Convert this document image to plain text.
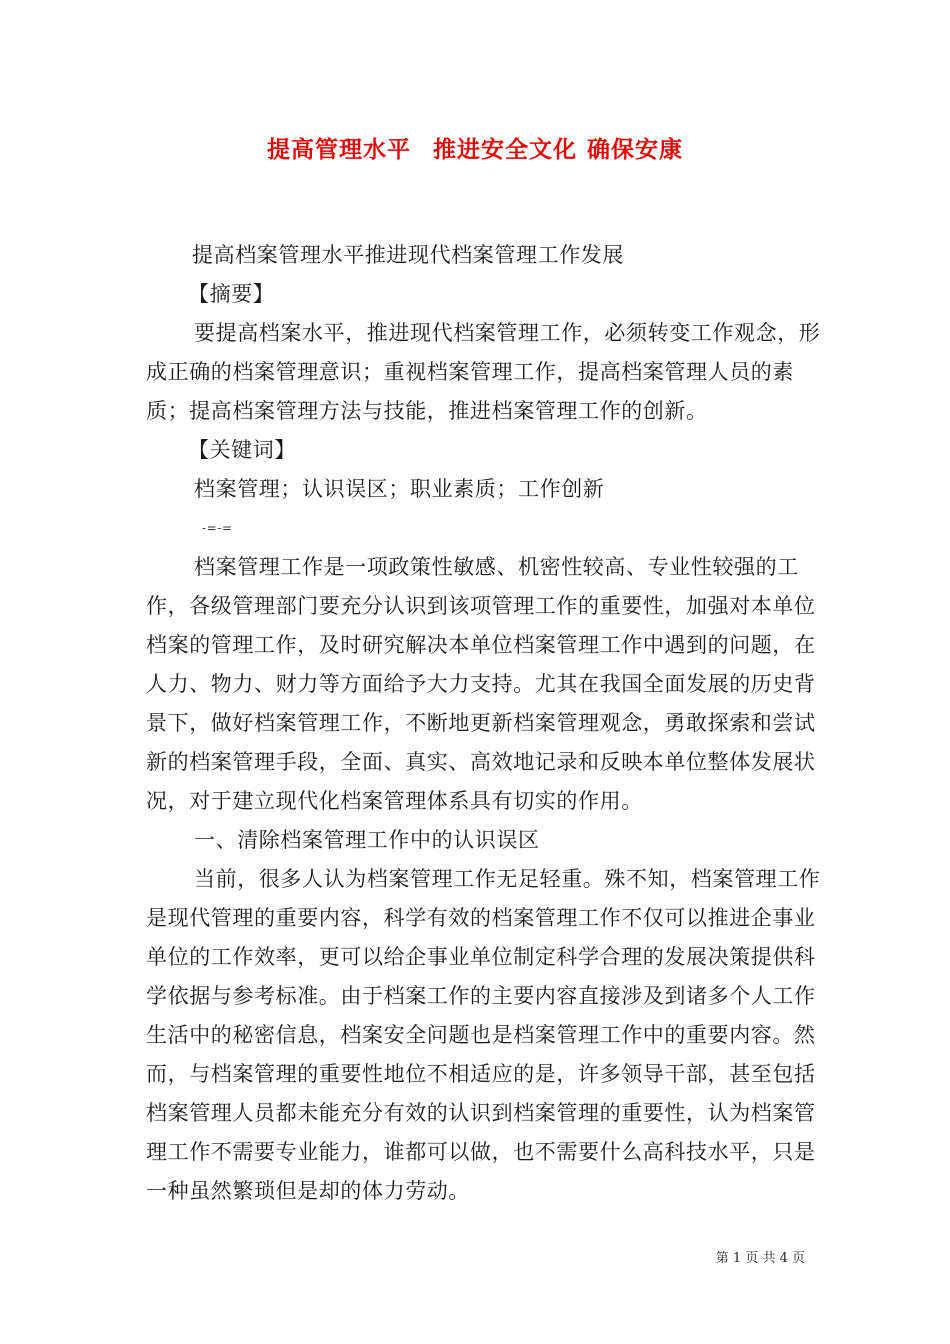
提高管理水平 推进安全文化 确保安康

提高档案管理水平推进现代档案管理工作发展

【摘要】

要提高档案水平，推进现代档案管理工作，必须转变工作观念，形成正确的档案管理意识；重视档案管理工作，提高档案管理人员的素质；提高档案管理方法与技能，推进档案管理工作的创新。

【关键词】

档案管理；认识误区；职业素质；工作创新

-=-=

档案管理工作是一项政策性敏感、机密性较高、专业性较强的工作，各级管理部门要充分认识到该项管理工作的重要性，加强对本单位档案的管理工作，及时研究解决本单位档案管理工作中遇到的问题，在人力、物力、财力等方面给予大力支持。尤其在我国全面发展的历史背景下，做好档案管理工作，不断地更新档案管理观念，勇敢探索和尝试新的档案管理手段，全面、真实、高效地记录和反映本单位整体发展状况，对于建立现代化档案管理体系具有切实的作用。

一、清除档案管理工作中的认识误区

当前，很多人认为档案管理工作无足轻重。殊不知，档案管理工作是现代管理的重要内容，科学有效的档案管理工作不仅可以推进企事业单位的工作效率，更可以给企事业单位制定科学合理的发展决策提供科学依据与参考标准。由于档案工作的主要内容直接涉及到诸多个人工作生活中的秘密信息，档案安全问题也是档案管理工作中的重要内容。然而，与档案管理的重要性地位不相适应的是，许多领导干部，甚至包括档案管理人员都未能充分有效的认识到档案管理的重要性，认为档案管理工作不需要专业能力，谁都可以做，也不需要什么高科技水平，只是一种虽然繁琐但是却的体力劳动。

第 1 页 共 4 页
